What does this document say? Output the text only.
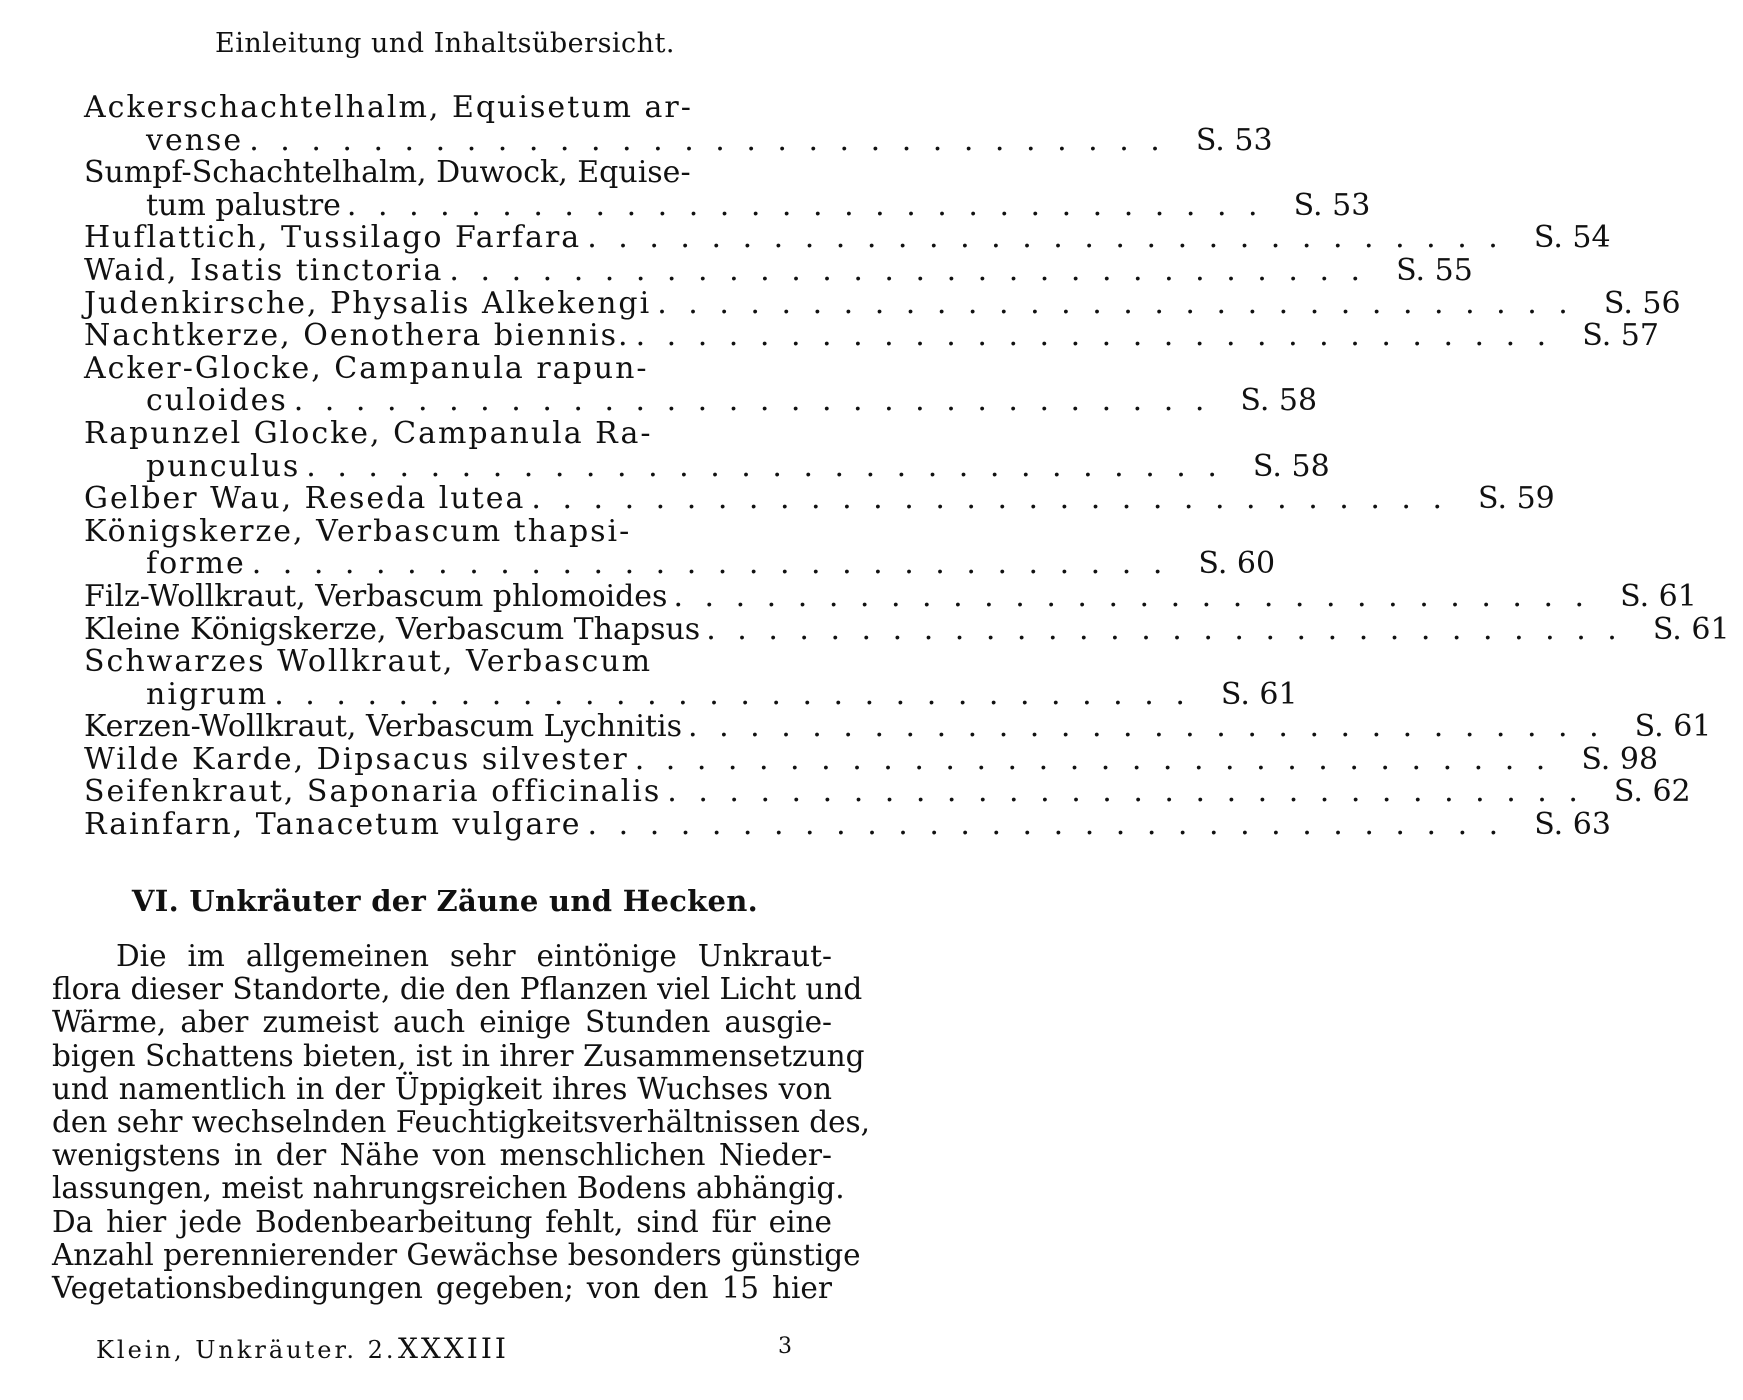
Einleitung und Inhaltsübersicht.
Ackerschachtelhalm, Equisetum ar-
vense . . . . . . . . . . . . . . . . . . . . . . . . . . . . . . S. 53
Sumpf-Schachtelhalm, Duwock, Equise-
tum palustre . . . . . . . . . . . . . . . . . . . . . . . . . . . . . . S. 53
Huflattich, Tussilago Farfara . . . . . . . . . . . . . . . . . . . . . . . . . . . . . . S. 54
Waid, Isatis tinctoria . . . . . . . . . . . . . . . . . . . . . . . . . . . . . . S. 55
Judenkirsche, Physalis Alkekengi . . . . . . . . . . . . . . . . . . . . . . . . . . . . . . S. 56
Nachtkerze, Oenothera biennis. . . . . . . . . . . . . . . . . . . . . . . . . . . . . . . S. 57
Acker-Glocke, Campanula rapun-
culoides . . . . . . . . . . . . . . . . . . . . . . . . . . . . . . S. 58
Rapunzel Glocke, Campanula Ra-
punculus . . . . . . . . . . . . . . . . . . . . . . . . . . . . . . S. 58
Gelber Wau, Reseda lutea . . . . . . . . . . . . . . . . . . . . . . . . . . . . . . S. 59
Königskerze, Verbascum thapsi-
forme . . . . . . . . . . . . . . . . . . . . . . . . . . . . . . S. 60
Filz-Wollkraut, Verbascum phlomoides . . . . . . . . . . . . . . . . . . . . . . . . . . . . . . S. 61
Kleine Königskerze, Verbascum Thapsus . . . . . . . . . . . . . . . . . . . . . . . . . . . . . . S. 61
Schwarzes Wollkraut, Verbascum
nigrum . . . . . . . . . . . . . . . . . . . . . . . . . . . . . . S. 61
Kerzen-Wollkraut, Verbascum Lychnitis . . . . . . . . . . . . . . . . . . . . . . . . . . . . . . S. 61
Wilde Karde, Dipsacus silvester . . . . . . . . . . . . . . . . . . . . . . . . . . . . . . S. 98
Seifenkraut, Saponaria officinalis . . . . . . . . . . . . . . . . . . . . . . . . . . . . . . S. 62
Rainfarn, Tanacetum vulgare . . . . . . . . . . . . . . . . . . . . . . . . . . . . . . S. 63
VI. Unkräuter der Zäune und Hecken.
Die im allgemeinen sehr eintönige Unkraut-
flora dieser Standorte, die den Pflanzen viel Licht und
Wärme, aber zumeist auch einige Stunden ausgie-
bigen Schattens bieten, ist in ihrer Zusammensetzung
und namentlich in der Üppigkeit ihres Wuchses von
den sehr wechselnden Feuchtigkeitsverhältnissen des,
wenigstens in der Nähe von menschlichen Nieder-
lassungen, meist nahrungsreichen Bodens abhängig.
Da hier jede Bodenbearbeitung fehlt, sind für eine
Anzahl perennierender Gewächse besonders günstige
Vegetationsbedingungen gegeben; von den 15 hier
Klein, Unkräuter. 2. XXXIII	3
